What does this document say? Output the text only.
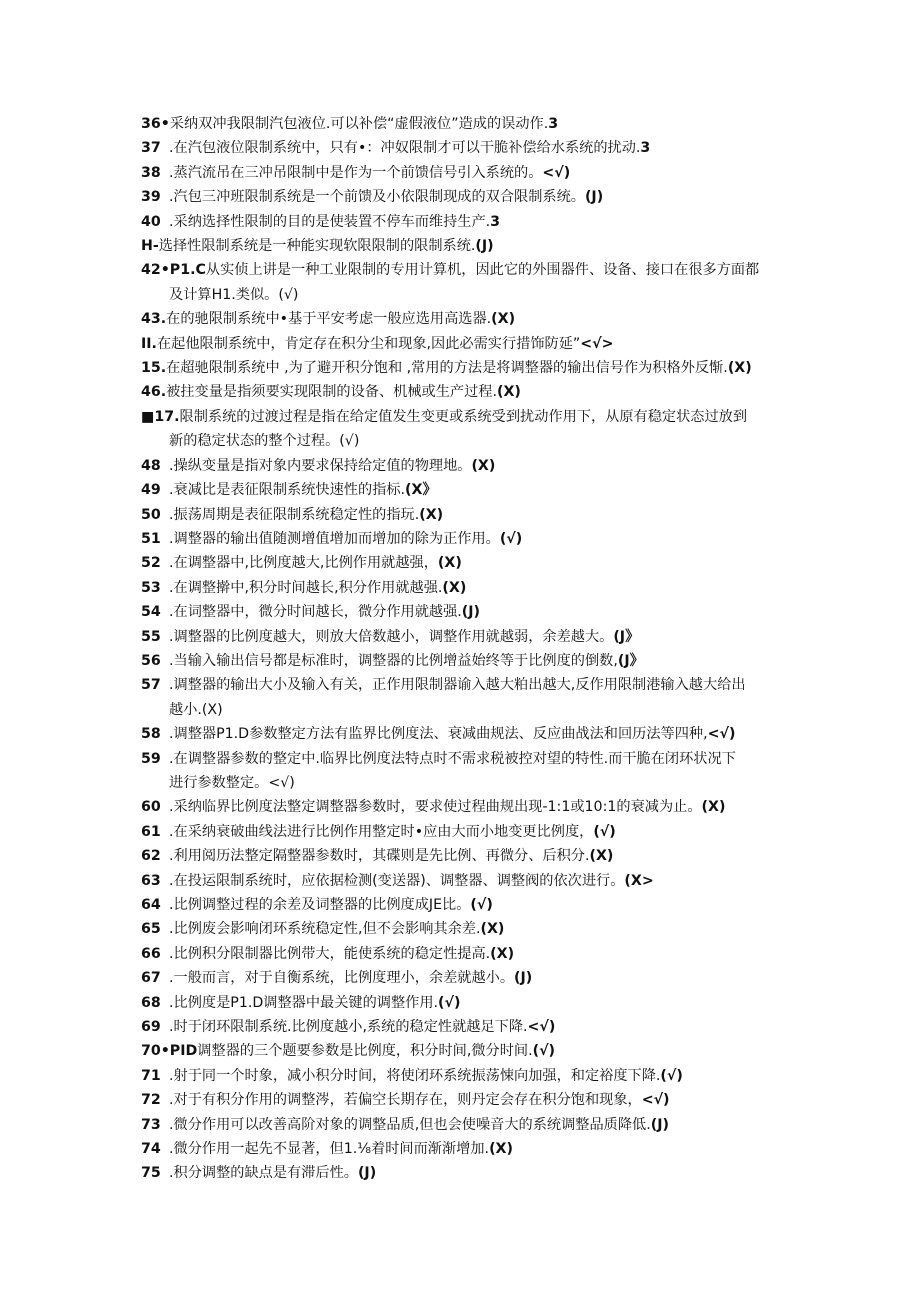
36•采纳双冲我限制汽包液位.可以补偿“虚假液位”造成的误动作.3
37 .在汽包液位限制系统中，只有•：冲奴限制才可以干脆补偿给水系统的扰动.3
38 .蒸汽流吊在三冲吊限制中是作为一个前馈信号引入系统的。<√)
39 .汽包三冲班限制系统是一个前馈及小依限制现成的双合限制系统。(J)
40 .采纳选择性限制的目的是使装置不停车而维持生产.3
H-选择性限制系统是一种能实现软限限制的限制系统.(J)
42•P1.C从实侦上讲是一种工业限制的专用计算机，因此它的外围器件、设备、接口在很多方面都
及计算H1.类似。(√)
43.在的驰限制系统中•基于平安考虑一般应选用高选器.(X)
II.在起他限制系统中，肯定存在积分尘和现象,因此必需实行措饰防延”<√>
15.在超驰限制系统中 ,为了避开积分饱和 ,常用的方法是将调整器的输出信号作为积格外反惭.(X)
46.被拄变量是指须要实现限制的设备、机械或生产过程.(X)
■17.限制系统的过渡过程是指在给定值发生变更或系统受到扰动作用下，从原有稳定状态过放到
新的稳定状态的整个过程。(√)
48 .操纵变量是指对象内要求保持给定值的物理地。(X)
49 .衰减比是表征限制系统快速性的指标.(X》
50 .振荡周期是表征限制系统稳定性的指玩.(X)
51 .调整器的输出值随测增值增加而增加的除为正作用。(√)
52 .在调整器中,比例度越大,比例作用就越强，(X)
53 .在调整擀中,积分时间越长,积分作用就越强.(X)
54 .在词整器中，微分时间越长，微分作用就越强.(J)
55 .调整器的比例度越大，则放大倍数越小，调整作用就越弱，余差越大。(J》
56 .当输入输出信号都是标准时，调整器的比例增益始终等于比例度的倒数,(J》
57 .调整器的输出大小及输入有关，正作用限制器谕入越大粕出越大,反作用限制港输入越大给出
越小.(X)
58 .调整器P1.D参数整定方法有监界比例度法、衰减曲规法、反应曲战法和回历法等四种,<√)
59 .在调整器参数的整定中.临界比例度法特点时不需求税被控对望的特性.而干脆在闭环状况下
进行参数整定。<√)
60 .采纳临界比例度法整定调整器参数时，要求使过程曲规出现-1:1或10:1的衰减为止。(X)
61 .在采纳衰破曲线法进行比例作用整定时•应由大而小地变更比例度，(√)
62 .利用阅历法整定隔整器参数时，其碟则是先比例、再微分、后积分.(X)
63 .在投运限制系统时，应依据检测(变送器)、调整器、调整阀的依次进行。(X>
64 .比例调整过程的余差及词整器的比例度成JE比。(√)
65 .比例废会影响闭环系统稳定性,但不会影响其余差.(X)
66 .比例积分限制器比例带大，能使系统的稳定性提高.(X)
67 .一般而言，对于自衡系统，比例度理小，余差就越小。(J)
68 .比例度是P1.D调整器中最关键的调整作用.(√)
69 .时于闭环限制系统.比例度越小,系统的稳定性就越足下降.<√)
70•PID调整器的三个题要参数是比例度，积分时间,微分时间.(√)
71 .射于同一个时象，减小积分时间，将使闭环系统振荡悚向加强，和定裕度下降.(√)
72 .对于有积分作用的调整涔，若偏空长期存在，则丹定会存在积分饱和现象，<√)
73 .微分作用可以改善高阶对象的调整品质,但也会使噪音大的系统调整品质降低.(J)
74 .微分作用一起先不显著，但1.⅛着时间而渐渐增加.(X)
75 .积分调整的缺点是有滞后性。(J)
